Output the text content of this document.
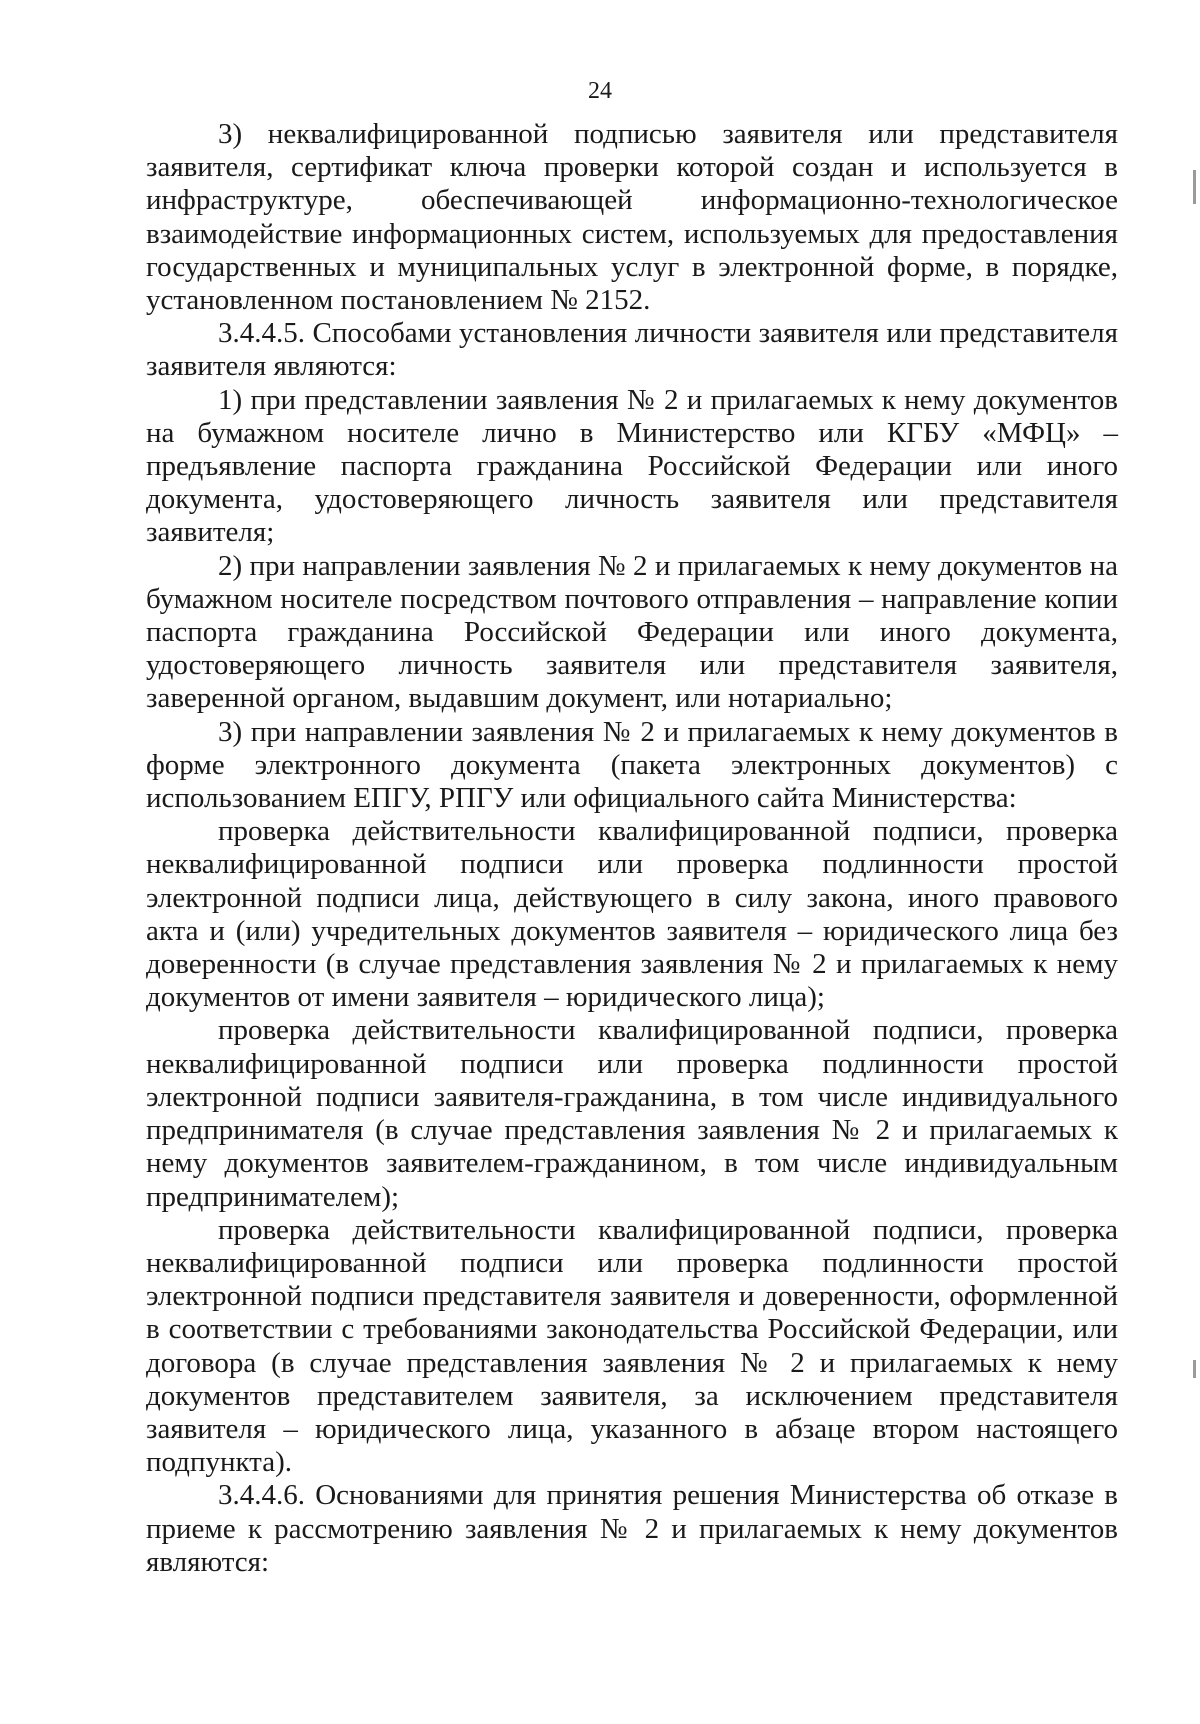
24

3) неквалифицированной подписью заявителя или представителя заявителя, сертификат ключа проверки которой создан и используется в инфраструктуре, обеспечивающей информационно-технологическое взаимодействие информационных систем, используемых для предоставления государственных и муниципальных услуг в электронной форме, в порядке, установленном постановлением № 2152.

3.4.4.5. Способами установления личности заявителя или представителя заявителя являются:

1) при представлении заявления № 2 и прилагаемых к нему документов на бумажном носителе лично в Министерство или КГБУ «МФЦ» – предъявление паспорта гражданина Российской Федерации или иного документа, удостоверяющего личность заявителя или представителя заявителя;

2) при направлении заявления № 2 и прилагаемых к нему документов на бумажном носителе посредством почтового отправления – направление копии паспорта гражданина Российской Федерации или иного документа, удостоверяющего личность заявителя или представителя заявителя, заверенной органом, выдавшим документ, или нотариально;

3) при направлении заявления № 2 и прилагаемых к нему документов в форме электронного документа (пакета электронных документов) с использованием ЕПГУ, РПГУ или официального сайта Министерства:

проверка действительности квалифицированной подписи, проверка неквалифицированной подписи или проверка подлинности простой электронной подписи лица, действующего в силу закона, иного правового акта и (или) учредительных документов заявителя – юридического лица без доверенности (в случае представления заявления № 2 и прилагаемых к нему документов от имени заявителя – юридического лица);

проверка действительности квалифицированной подписи, проверка неквалифицированной подписи или проверка подлинности простой электронной подписи заявителя-гражданина, в том числе индивидуального предпринимателя (в случае представления заявления № 2 и прилагаемых к нему документов заявителем-гражданином, в том числе индивидуальным предпринимателем);

проверка действительности квалифицированной подписи, проверка неквалифицированной подписи или проверка подлинности простой электронной подписи представителя заявителя и доверенности, оформленной в соответствии с требованиями законодательства Российской Федерации, или договора (в случае представления заявления № 2 и прилагаемых к нему документов представителем заявителя, за исключением представителя заявителя – юридического лица, указанного в абзаце втором настоящего подпункта).

3.4.4.6. Основаниями для принятия решения Министерства об отказе в приеме к рассмотрению заявления № 2 и прилагаемых к нему документов являются:
